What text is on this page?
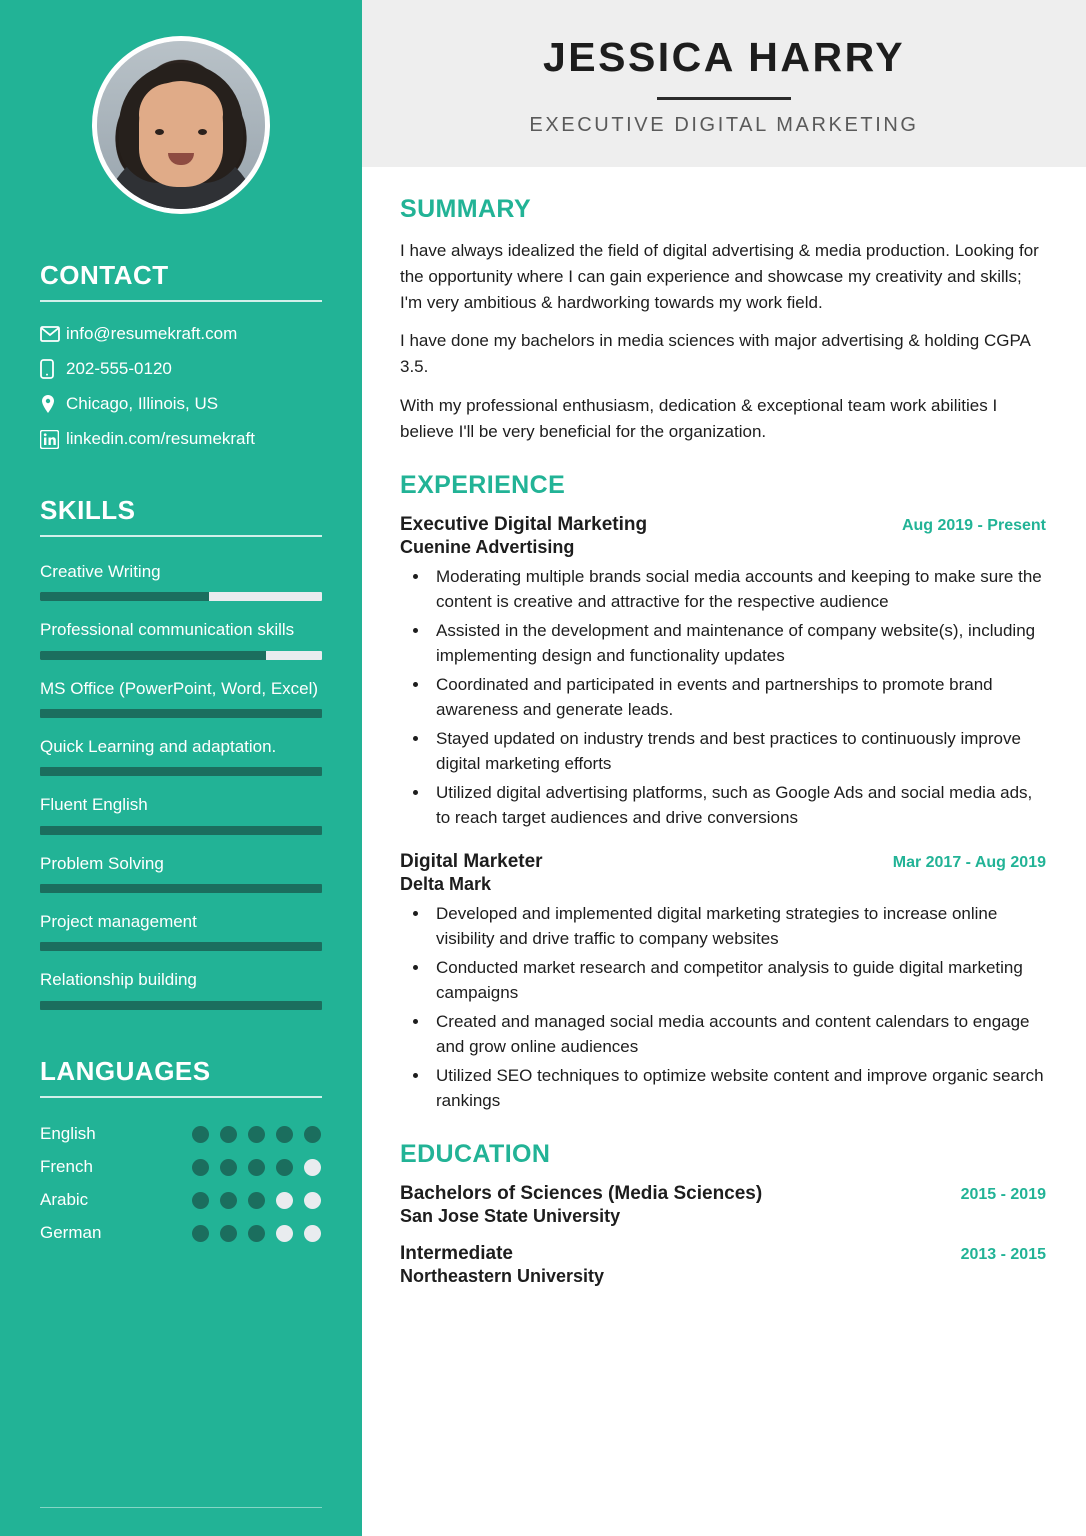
CONTACT
info@resumekraft.com
202-555-0120
Chicago, Illinois, US
linkedin.com/resumekraft
SKILLS
Creative Writing
Professional communication skills
MS Office (PowerPoint, Word, Excel)
Quick Learning and adaptation.
Fluent English
Problem Solving
Project management
Relationship building
LANGUAGES
English
French
Arabic
German
JESSICA HARRY
EXECUTIVE DIGITAL MARKETING
SUMMARY

I have always idealized the field of digital advertising & media production. Looking for the opportunity where I can gain experience and showcase my creativity and skills; I'm very ambitious & hardworking towards my work field.

I have done my bachelors in media sciences with major advertising & holding CGPA 3.5.

With my professional enthusiasm, dedication & exceptional team work abilities I believe I'll be very beneficial for the organization.

EXPERIENCE
Executive Digital Marketing	Aug 2019 - Present
Cuenine Advertising
• Moderating multiple brands social media accounts and keeping to make sure the content is creative and attractive for the respective audience
• Assisted in the development and maintenance of company website(s), including implementing design and functionality updates
• Coordinated and participated in events and partnerships to promote brand awareness and generate leads.
• Stayed updated on industry trends and best practices to continuously improve digital marketing efforts
• Utilized digital advertising platforms, such as Google Ads and social media ads, to reach target audiences and drive conversions
Digital Marketer	Mar 2017 - Aug 2019
Delta Mark
• Developed and implemented digital marketing strategies to increase online visibility and drive traffic to company websites
• Conducted market research and competitor analysis to guide digital marketing campaigns
• Created and managed social media accounts and content calendars to engage and grow online audiences
• Utilized SEO techniques to optimize website content and improve organic search rankings
EDUCATION
Bachelors of Sciences (Media Sciences)	2015 - 2019
San Jose State University
Intermediate	2013 - 2015
Northeastern University
